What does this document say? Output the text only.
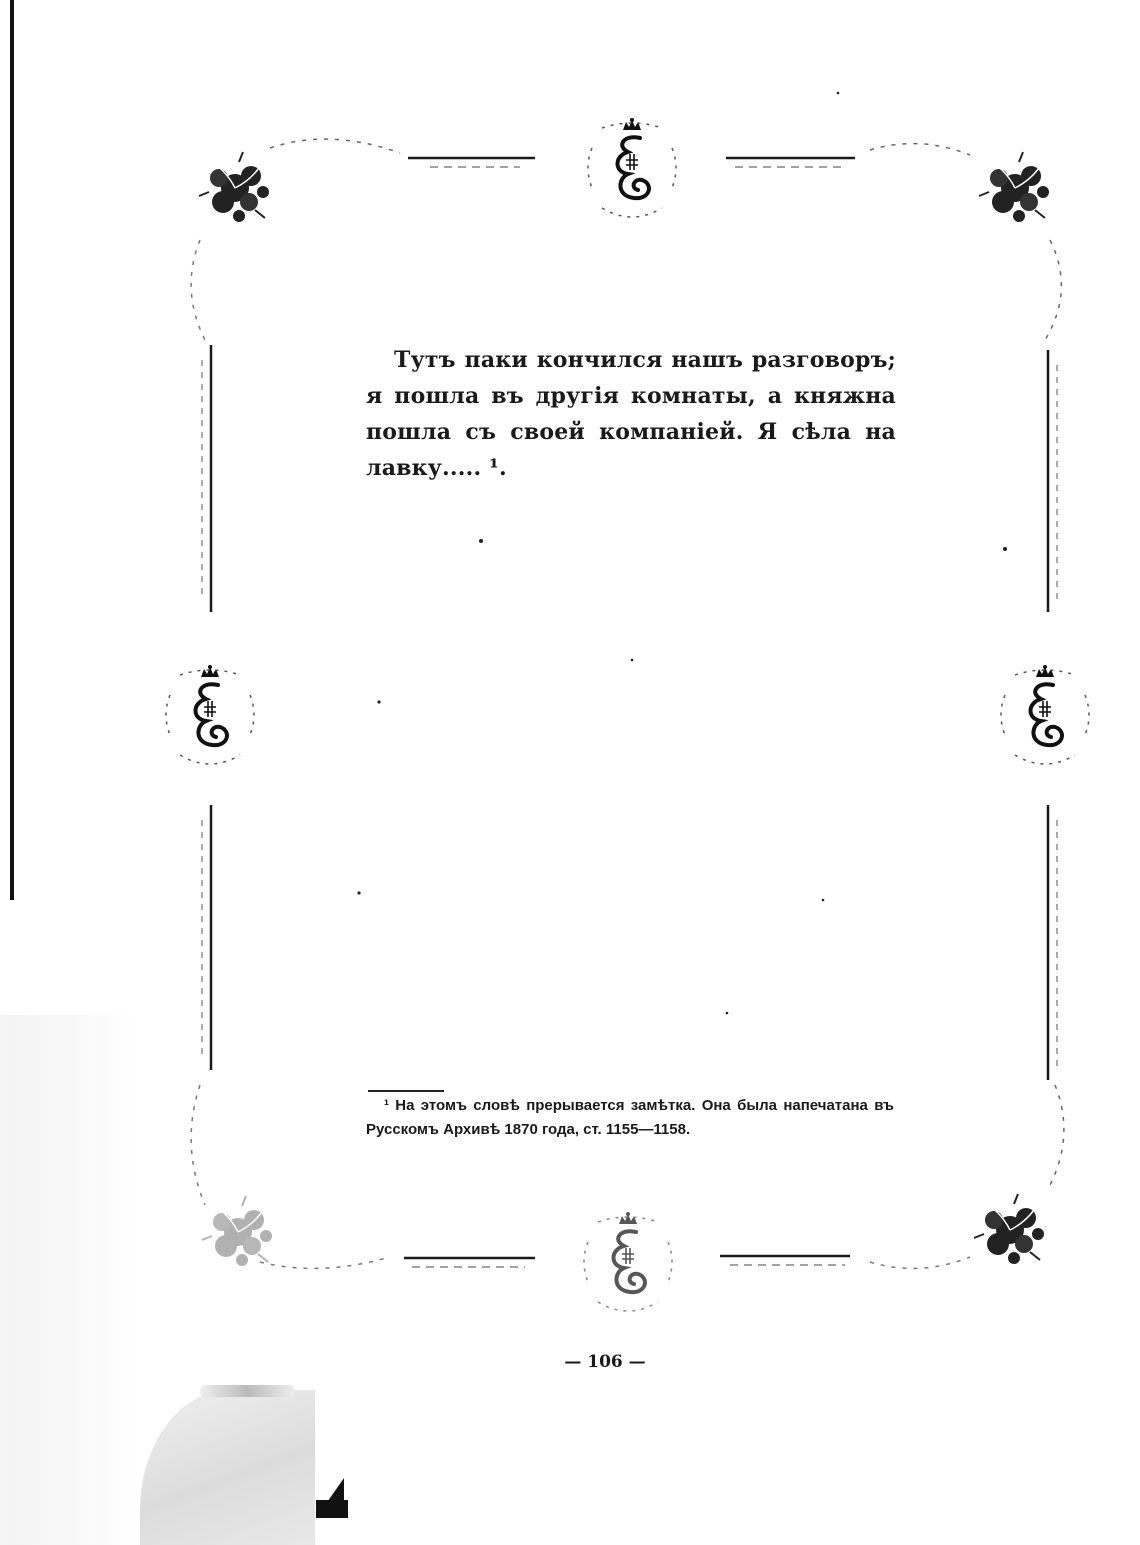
Тутъ паки кончился нашъ разговоръ; я пошла въ другія комнаты, а княжна пошла съ своей компаніей. Я сѣла на лавку..... ¹.

¹ На этомъ словѣ прерывается замѣтка. Она была напечатана въ Русскомъ Архивѣ 1870 года, ст. 1155—1158.

— 106 —
